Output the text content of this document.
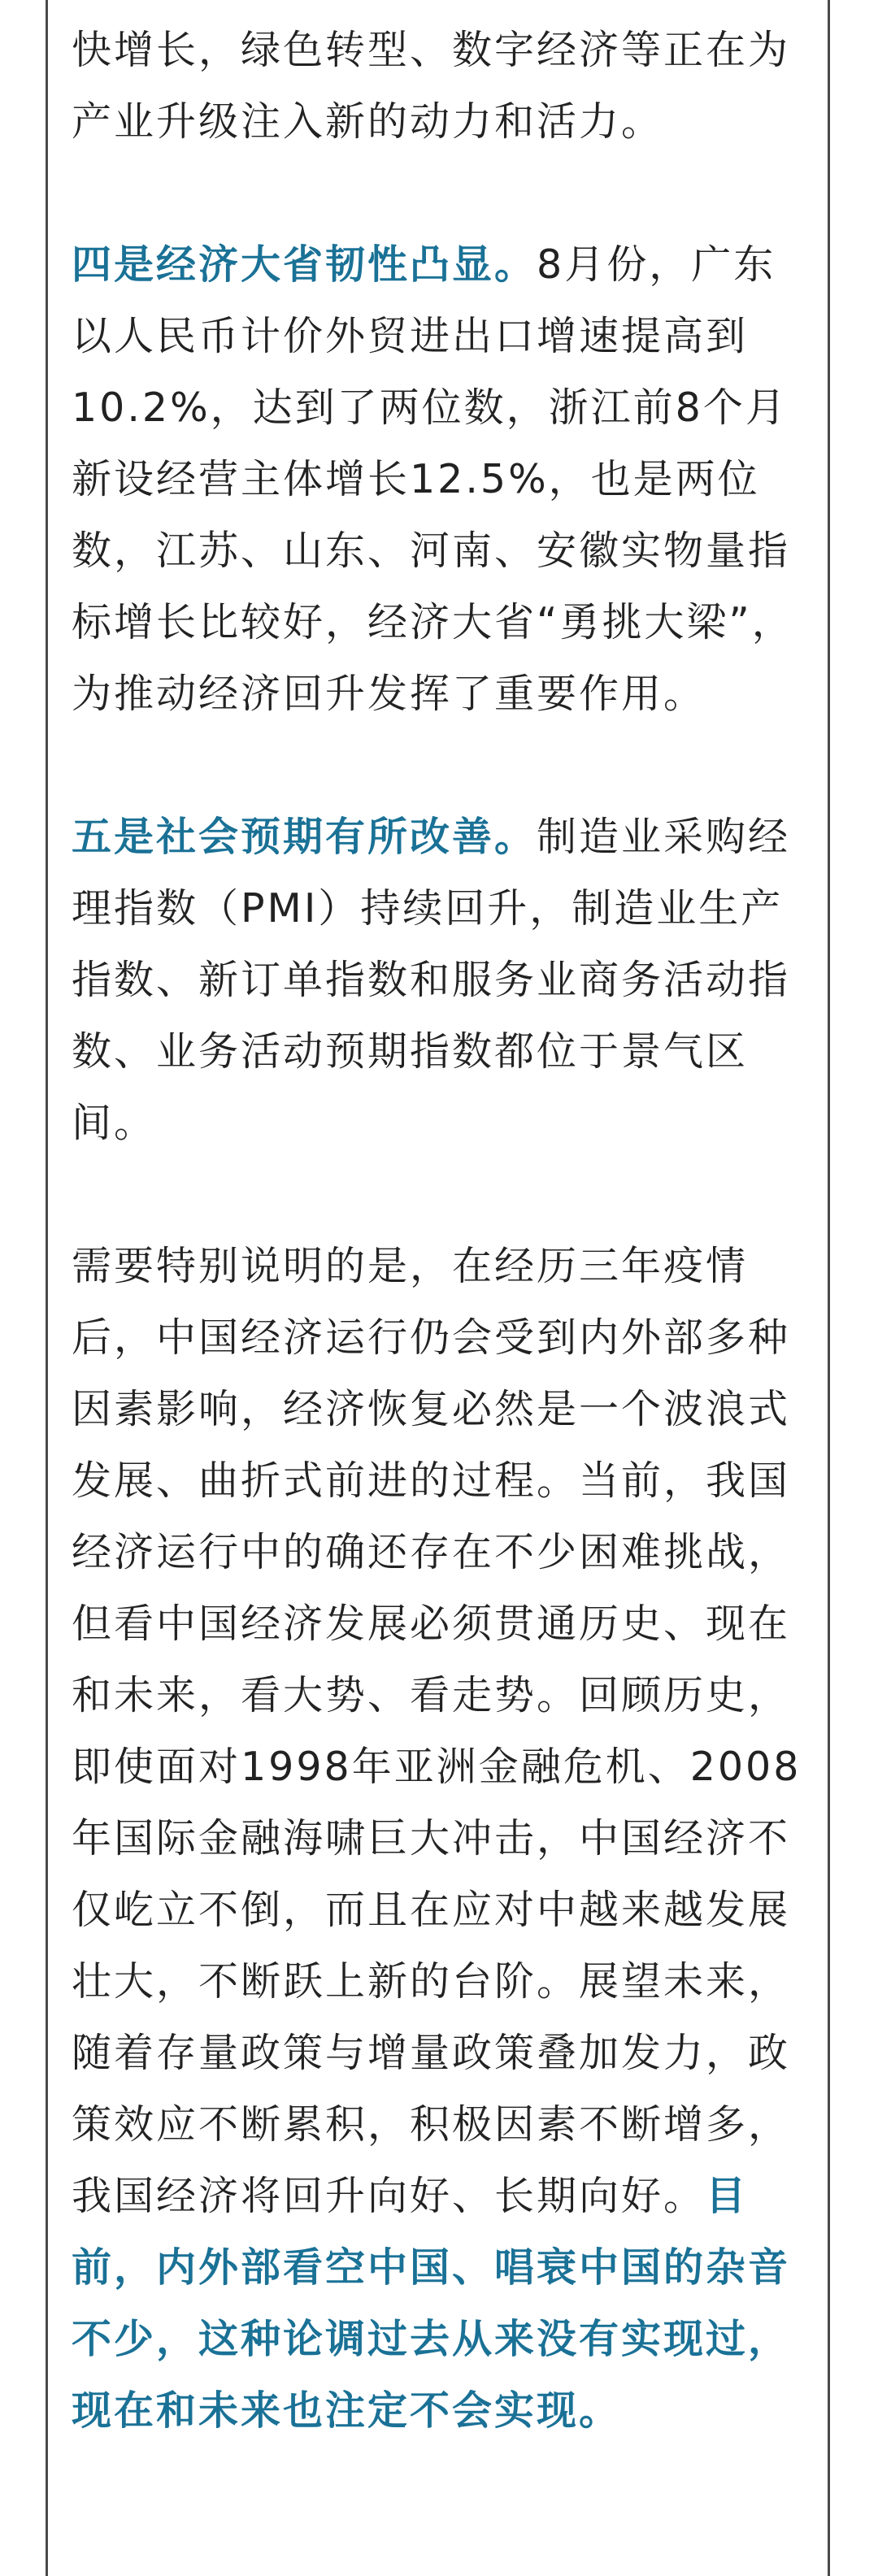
快增长，绿色转型、数字经济等正在为产业升级注入新的动力和活力。

四是经济大省韧性凸显。8月份，广东以人民币计价外贸进出口增速提高到10.2%，达到了两位数，浙江前8个月新设经营主体增长12.5%，也是两位数，江苏、山东、河南、安徽实物量指标增长比较好，经济大省“勇挑大梁”，为推动经济回升发挥了重要作用。

五是社会预期有所改善。制造业采购经理指数（PMI）持续回升，制造业生产指数、新订单指数和服务业商务活动指数、业务活动预期指数都位于景气区间。

需要特别说明的是，在经历三年疫情后，中国经济运行仍会受到内外部多种因素影响，经济恢复必然是一个波浪式发展、曲折式前进的过程。当前，我国经济运行中的确还存在不少困难挑战，但看中国经济发展必须贯通历史、现在和未来，看大势、看走势。回顾历史，即使面对1998年亚洲金融危机、2008年国际金融海啸巨大冲击，中国经济不仅屹立不倒，而且在应对中越来越发展壮大，不断跃上新的台阶。展望未来，随着存量政策与增量政策叠加发力，政策效应不断累积，积极因素不断增多，我国经济将回升向好、长期向好。目前，内外部看空中国、唱衰中国的杂音不少，这种论调过去从来没有实现过，现在和未来也注定不会实现。
